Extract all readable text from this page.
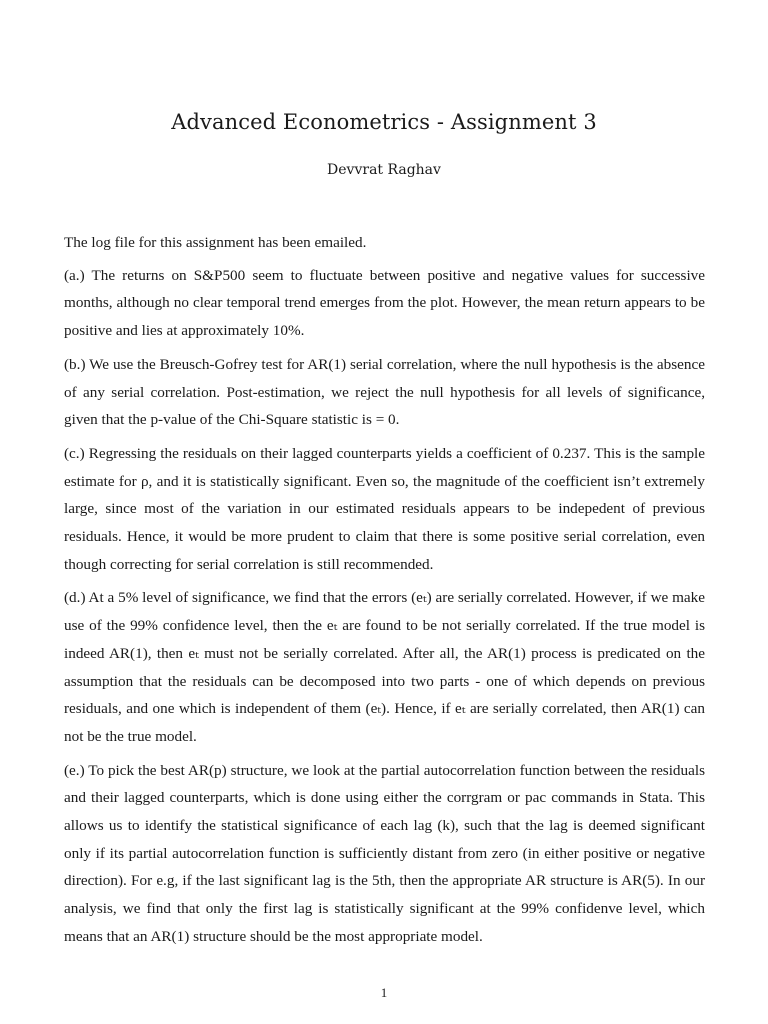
Advanced Econometrics - Assignment 3
Devvrat Raghav

The log file for this assignment has been emailed.

(a.) The returns on S&P500 seem to fluctuate between positive and negative values for successive months, although no clear temporal trend emerges from the plot. However, the mean return appears to be positive and lies at approximately 10%.

(b.) We use the Breusch-Gofrey test for AR(1) serial correlation, where the null hypothesis is the absence of any serial correlation. Post-estimation, we reject the null hypothesis for all levels of significance, given that the p-value of the Chi-Square statistic is = 0.

(c.) Regressing the residuals on their lagged counterparts yields a coefficient of 0.237. This is the sample estimate for ρ, and it is statistically significant. Even so, the magnitude of the coefficient isn’t extremely large, since most of the variation in our estimated residuals appears to be indepedent of previous residuals. Hence, it would be more prudent to claim that there is some positive serial correlation, even though correcting for serial correlation is still recommended.

(d.) At a 5% level of significance, we find that the errors (eₜ) are serially correlated. However, if we make use of the 99% confidence level, then the eₜ are found to be not serially correlated. If the true model is indeed AR(1), then eₜ must not be serially correlated. After all, the AR(1) process is predicated on the assumption that the residuals can be decomposed into two parts - one of which depends on previous residuals, and one which is independent of them (eₜ). Hence, if eₜ are serially correlated, then AR(1) can not be the true model.

(e.) To pick the best AR(p) structure, we look at the partial autocorrelation function between the residuals and their lagged counterparts, which is done using either the corrgram or pac commands in Stata. This allows us to identify the statistical significance of each lag (k), such that the lag is deemed significant only if its partial autocorrelation function is sufficiently distant from zero (in either positive or negative direction). For e.g, if the last significant lag is the 5th, then the appropriate AR structure is AR(5). In our analysis, we find that only the first lag is statistically significant at the 99% confidenve level, which means that an AR(1) structure should be the most appropriate model.

1
